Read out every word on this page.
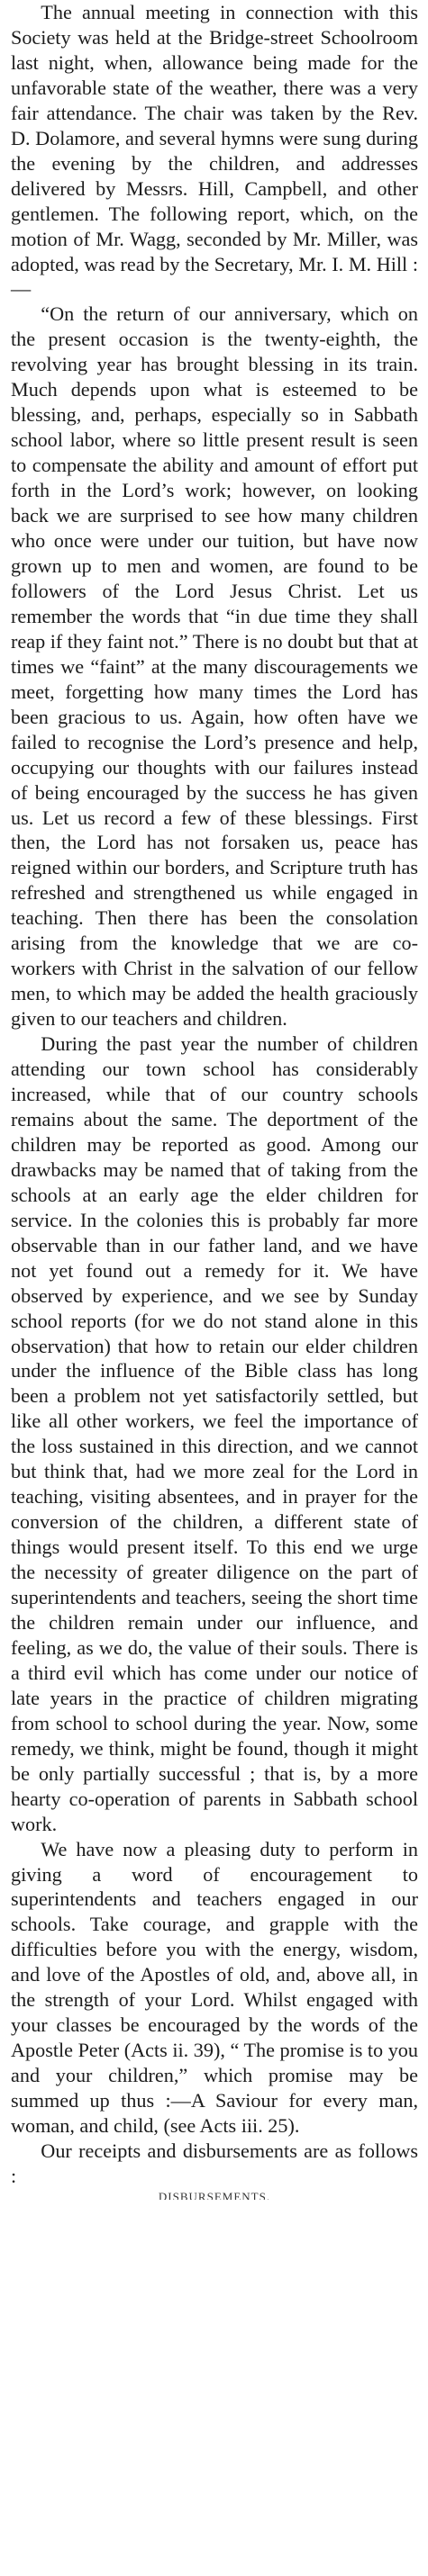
The annual meeting in connection with this Society was held at the Bridge-street Schoolroom last night, when, allowance being made for the unfavorable state of the weather, there was a very fair attendance. The chair was taken by the Rev. D. Dolamore, and several hymns were sung during the evening by the children, and addresses delivered by Messrs. Hill, Campbell, and other gentlemen. The following report, which, on the motion of Mr. Wagg, seconded by Mr. Miller, was adopted, was read by the Secretary, Mr. I. M. Hill :—

“On the return of our anniversary, which on the present occasion is the twenty-eighth, the revolving year has brought blessing in its train. Much depends upon what is esteemed to be blessing, and, perhaps, especially so in Sabbath school labor, where so little present result is seen to compensate the ability and amount of effort put forth in the Lord’s work; however, on looking back we are surprised to see how many children who once were under our tuition, but have now grown up to men and women, are found to be followers of the Lord Jesus Christ. Let us remember the words that “in due time they shall reap if they faint not.” There is no doubt but that at times we “faint” at the many discouragements we meet, forgetting how many times the Lord has been gracious to us. Again, how often have we failed to recognise the Lord’s presence and help, occupying our thoughts with our failures instead of being encouraged by the success he has given us. Let us record a few of these blessings. First then, the Lord has not forsaken us, peace has reigned within our borders, and Scripture truth has refreshed and strengthened us while engaged in teaching. Then there has been the consolation arising from the knowledge that we are co-workers with Christ in the salvation of our fellow men, to which may be added the health graciously given to our teachers and children.

During the past year the number of children attending our town school has considerably increased, while that of our country schools remains about the same. The deportment of the children may be reported as good. Among our drawbacks may be named that of taking from the schools at an early age the elder children for service. In the colonies this is probably far more observable than in our father land, and we have not yet found out a remedy for it. We have observed by experience, and we see by Sunday school reports (for we do not stand alone in this observation) that how to retain our elder children under the influence of the Bible class has long been a problem not yet satisfactorily settled, but like all other workers, we feel the importance of the loss sustained in this direction, and we cannot but think that, had we more zeal for the Lord in teaching, visiting absentees, and in prayer for the conversion of the children, a different state of things would present itself. To this end we urge the necessity of greater diligence on the part of superintendents and teachers, seeing the short time the children remain under our influence, and feeling, as we do, the value of their souls. There is a third evil which has come under our notice of late years in the practice of children migrating from school to school during the year. Now, some remedy, we think, might be found, though it might be only partially successful ; that is, by a more hearty co-operation of parents in Sabbath school work.

We have now a pleasing duty to perform in giving a word of encouragement to superintendents and teachers engaged in our schools. Take courage, and grapple with the difficulties before you with the energy, wisdom, and love of the Apostles of old, and, above all, in the strength of your Lord. Whilst engaged with your classes be encouraged by the words of the Apostle Peter (Acts ii. 39), “ The promise is to you and your children,” which promise may be summed up thus :—A Saviour for every man, woman, and child, (see Acts iii. 25).

Our receipts and disbursements are as follows :

DISBURSEMENTS.
